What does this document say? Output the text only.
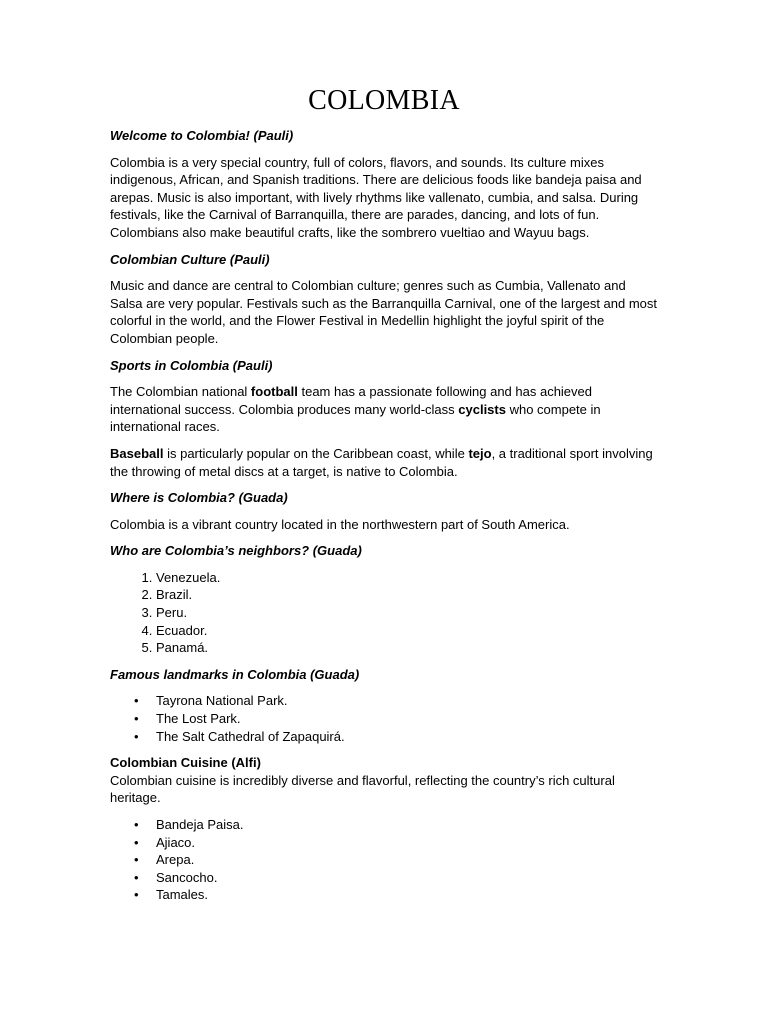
COLOMBIA
Welcome to Colombia! (Pauli)

Colombia is a very special country, full of colors, flavors, and sounds. Its culture mixes indigenous, African, and Spanish traditions. There are delicious foods like bandeja paisa and arepas. Music is also important, with lively rhythms like vallenato, cumbia, and salsa. During festivals, like the Carnival of Barranquilla, there are parades, dancing, and lots of fun. Colombians also make beautiful crafts, like the sombrero vueltiao and Wayuu bags.

Colombian Culture (Pauli)

Music and dance are central to Colombian culture; genres such as Cumbia, Vallenato and Salsa are very popular. Festivals such as the Barranquilla Carnival, one of the largest and most colorful in the world, and the Flower Festival in Medellin highlight the joyful spirit of the Colombian people.

Sports in Colombia (Pauli)

The Colombian national football team has a passionate following and has achieved international success. Colombia produces many world-class cyclists who compete in international races.

Baseball is particularly popular on the Caribbean coast, while tejo, a traditional sport involving the throwing of metal discs at a target, is native to Colombia.

Where is Colombia? (Guada)

Colombia is a vibrant country located in the northwestern part of South America.

Who are Colombia’s neighbors? (Guada)
1. Venezuela.
2. Brazil.
3. Peru.
4. Ecuador.
5. Panamá.
Famous landmarks in Colombia (Guada)
• Tayrona National Park.
• The Lost Park.
• The Salt Cathedral of Zapaquirá.
Colombian Cuisine (Alfi)

Colombian cuisine is incredibly diverse and flavorful, reflecting the country’s rich cultural heritage.

• Bandeja Paisa.
• Ajiaco.
• Arepa.
• Sancocho.
• Tamales.
